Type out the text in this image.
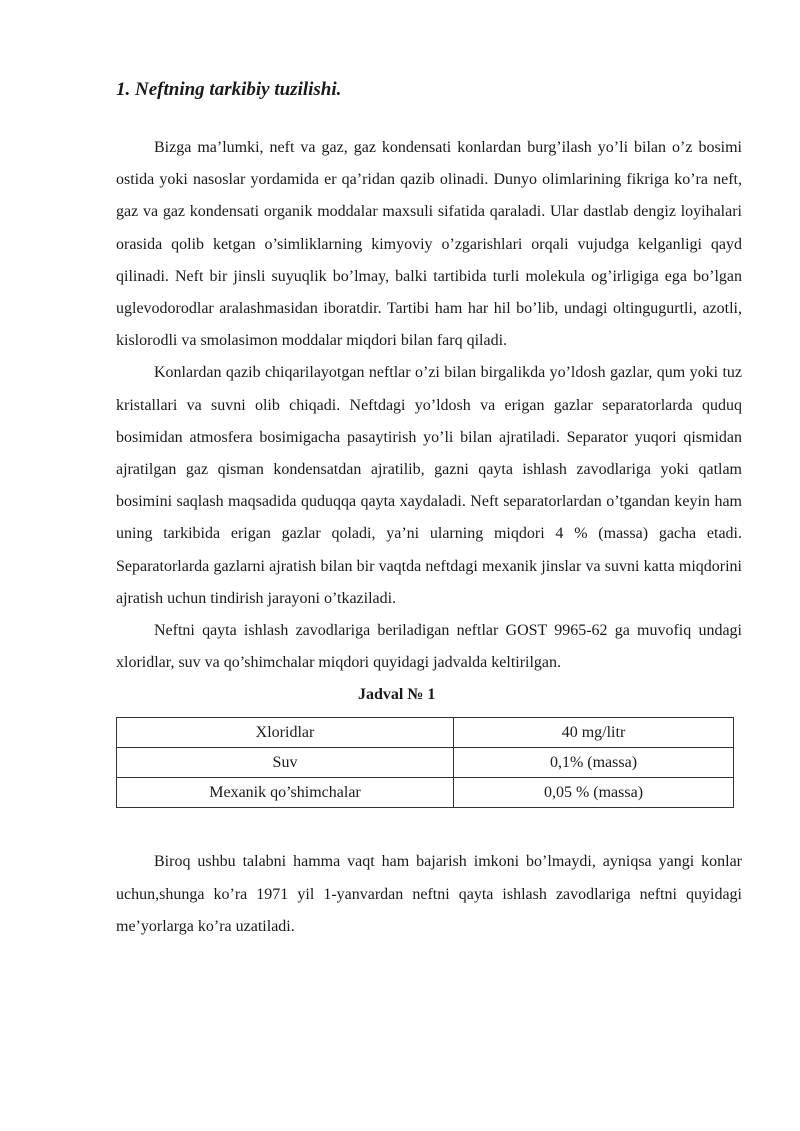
1. Neftning tarkibiy tuzilishi.

Bizga ma’lumki, neft va gaz, gaz kondensati konlardan burg’ilash yo’li bilan o’z bosimi ostida yoki nasoslar yordamida er qa’ridan qazib olinadi. Dunyo olimlarining fikriga ko’ra neft, gaz va gaz kondensati organik moddalar maxsuli sifatida qaraladi. Ular dastlab dengiz loyihalari orasida qolib ketgan o’simliklarning kimyoviy o’zgarishlari orqali vujudga kelganligi qayd qilinadi. Neft bir jinsli suyuqlik bo’lmay, balki tartibida turli molekula og’irligiga ega bo’lgan uglevodorodlar aralashmasidan iboratdir. Tartibi ham har hil bo’lib, undagi oltingugurtli, azotli, kislorodli va smolasimon moddalar miqdori bilan farq qiladi.

Konlardan qazib chiqarilayotgan neftlar o’zi bilan birgalikda yo’ldosh gazlar, qum yoki tuz kristallari va suvni olib chiqadi. Neftdagi yo’ldosh va erigan gazlar separatorlarda quduq bosimidan atmosfera bosimigacha pasaytirish yo’li bilan ajratiladi. Separator yuqori qismidan ajratilgan gaz qisman kondensatdan ajratilib, gazni qayta ishlash zavodlariga yoki qatlam bosimini saqlash maqsadida quduqqa qayta xaydaladi. Neft separatorlardan o’tgandan keyin ham uning tarkibida erigan gazlar qoladi, ya’ni ularning miqdori 4 % (massa) gacha etadi. Separatorlarda gazlarni ajratish bilan bir vaqtda neftdagi mexanik jinslar va suvni katta miqdorini ajratish uchun tindirish jarayoni o’tkaziladi.

Neftni qayta ishlash zavodlariga beriladigan neftlar GOST 9965-62 ga muvofiq undagi xloridlar, suv va qo’shimchalar miqdori quyidagi jadvalda keltirilgan.

Jadval № 1
Xloridlar	40 mg/litr
Suv	0,1% (massa)
Mexanik qo’shimchalar	0,05 % (massa)

Biroq ushbu talabni hamma vaqt ham bajarish imkoni bo’lmaydi, ayniqsa yangi konlar uchun,shunga ko’ra 1971 yil 1-yanvardan neftni qayta ishlash zavodlariga neftni quyidagi me’yorlarga ko’ra uzatiladi.
